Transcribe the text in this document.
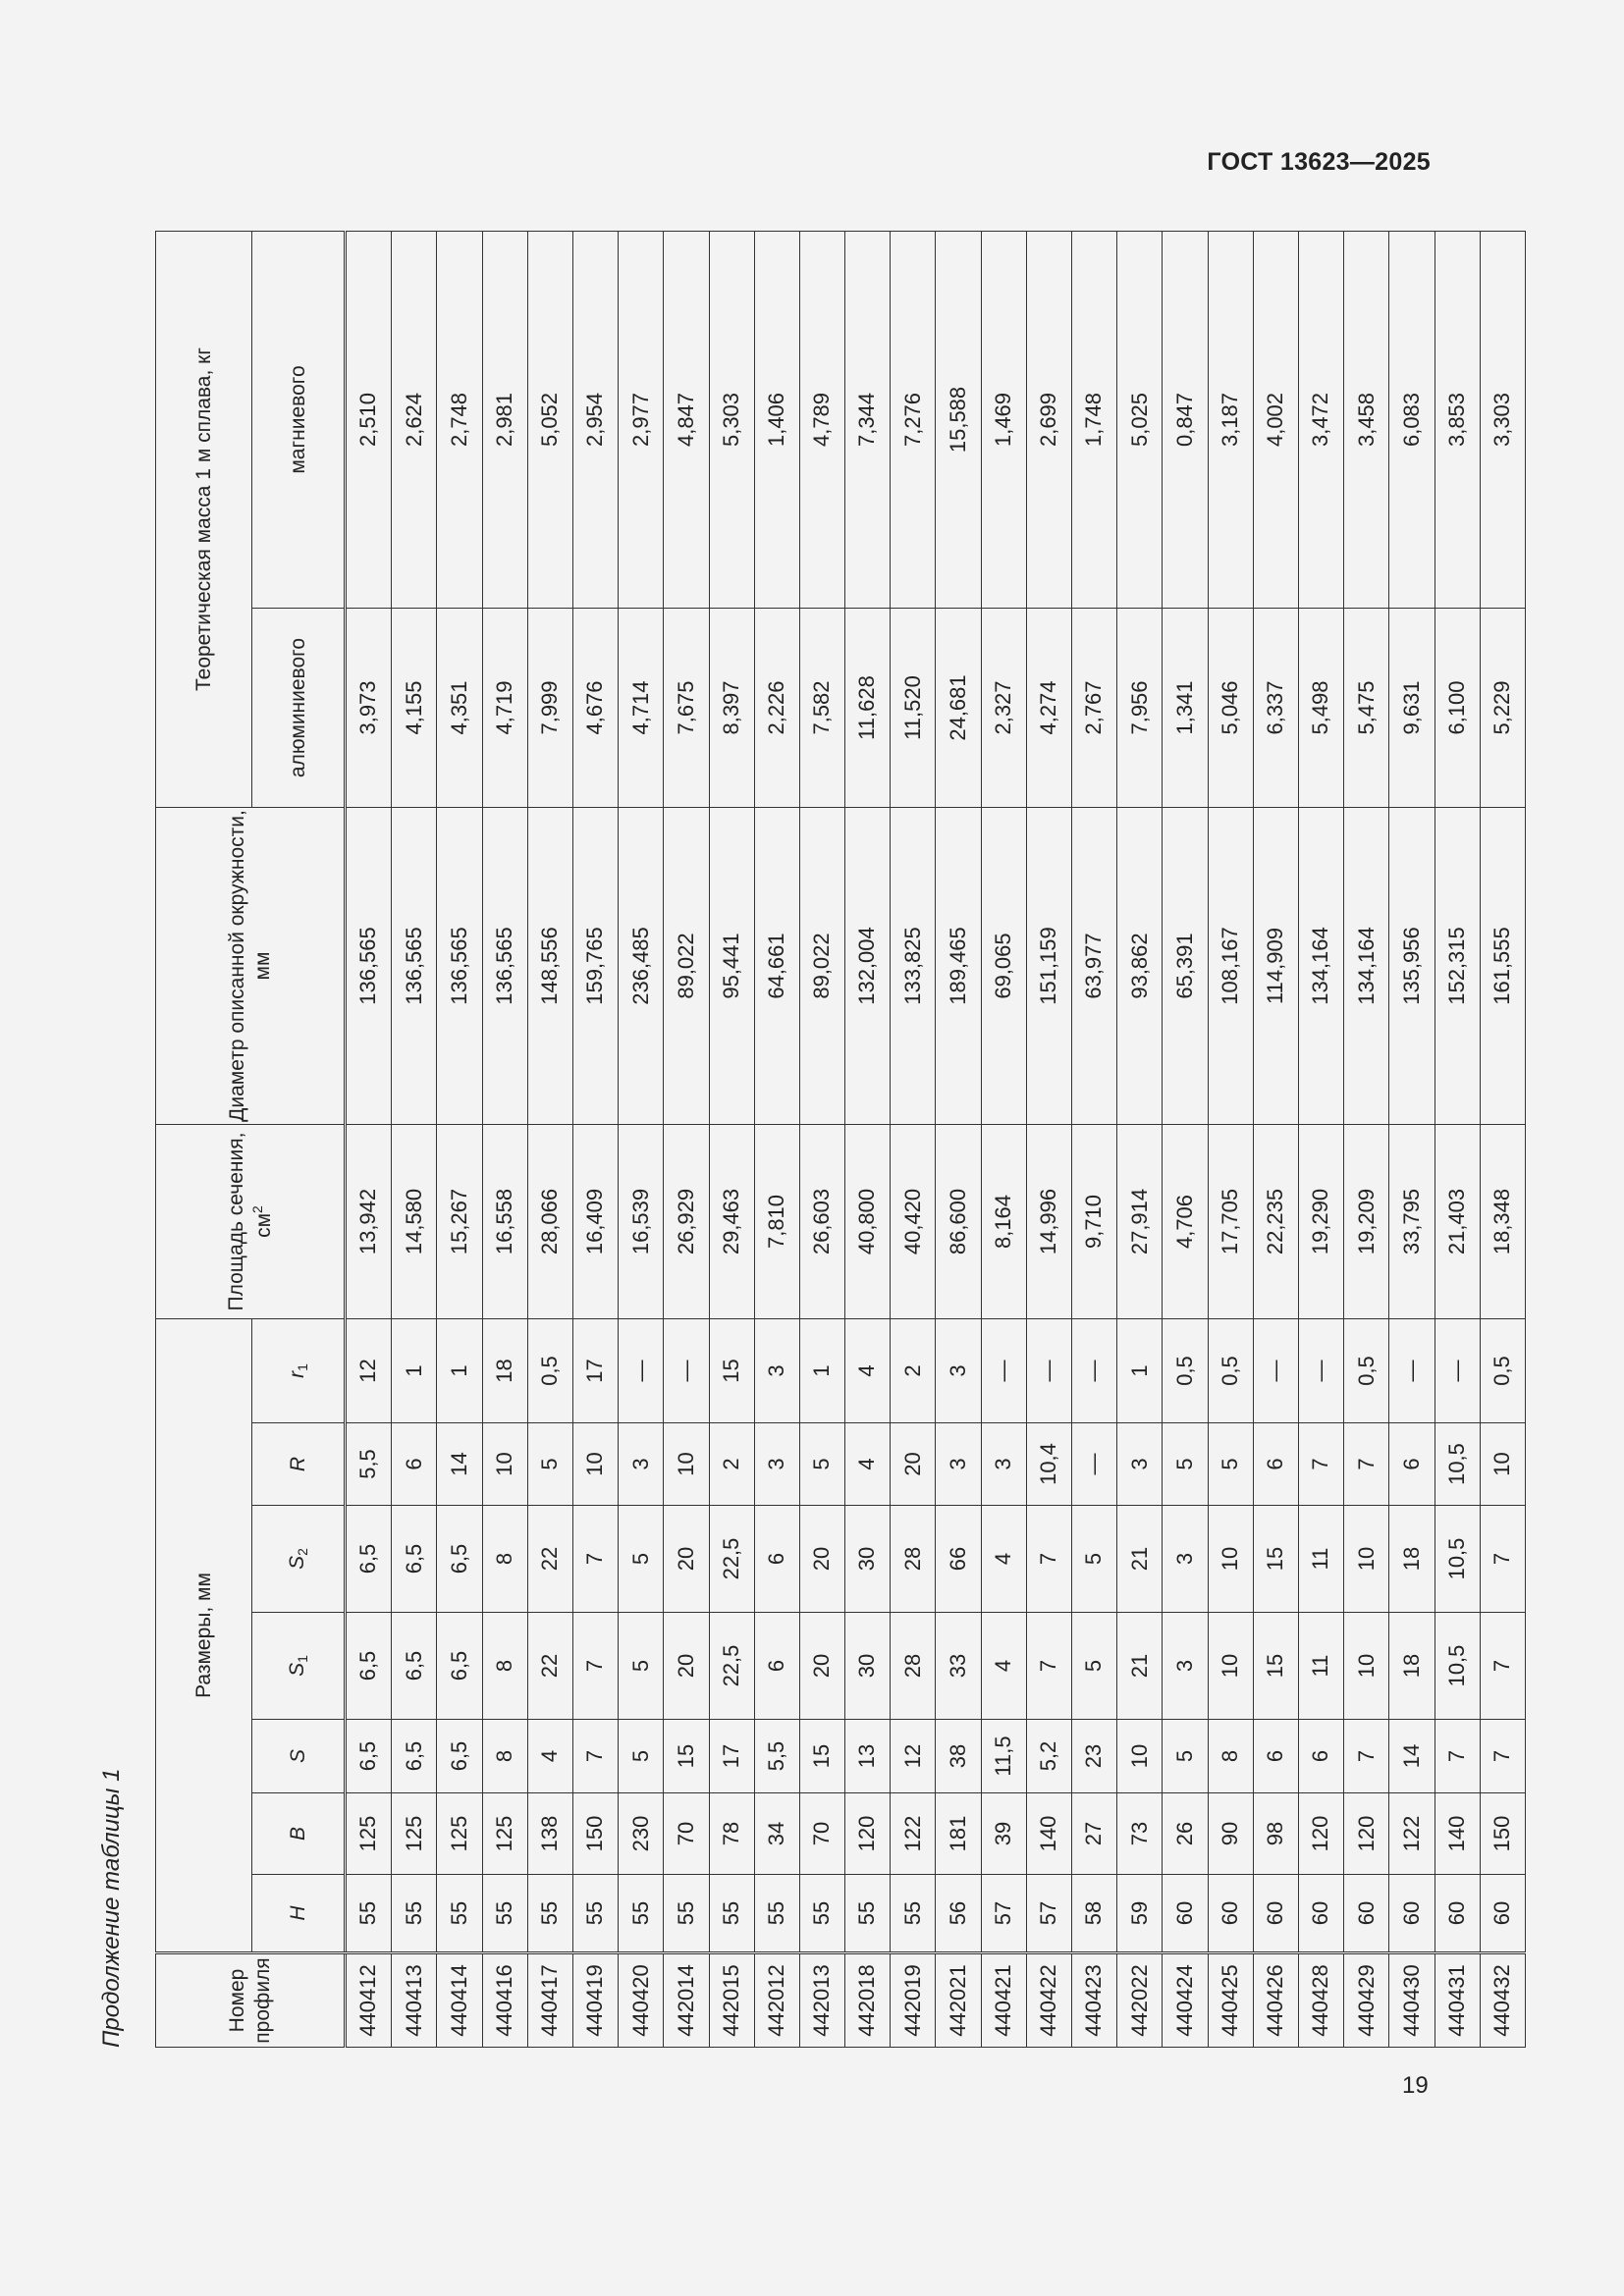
ГОСТ 13623—2025
Продолжение таблицы 1	Номер профиля	Размеры, мм							Площадь сечения, $см^2$	Диаметр описанной окружности, мм	Теоретическая масса 1 м сплава, кг	
	H	B	S	$S_1$	$S_2$	R	$r_1$			алюминиевого	магниевого
440412	55	125	6,5	6,5	6,5	5,5	12	13,942	136,565	3,973	2,510
440413	55	125	6,5	6,5	6,5	6	1	14,580	136,565	4,155	2,624
440414	55	125	6,5	6,5	6,5	14	1	15,267	136,565	4,351	2,748
440416	55	125	8	8	8	10	18	16,558	136,565	4,719	2,981
440417	55	138	4	22	22	5	0,5	28,066	148,556	7,999	5,052
440419	55	150	7	7	7	10	17	16,409	159,765	4,676	2,954
440420	55	230	5	5	5	3	—	16,539	236,485	4,714	2,977
442014	55	70	15	20	20	10	—	26,929	89,022	7,675	4,847
442015	55	78	17	22,5	22,5	2	15	29,463	95,441	8,397	5,303
442012	55	34	5,5	6	6	3	3	7,810	64,661	2,226	1,406
442013	55	70	15	20	20	5	1	26,603	89,022	7,582	4,789
442018	55	120	13	30	30	4	4	40,800	132,004	11,628	7,344
442019	55	122	12	28	28	20	2	40,420	133,825	11,520	7,276
442021	56	181	38	33	66	3	3	86,600	189,465	24,681	15,588
440421	57	39	11,5	4	4	3	—	8,164	69,065	2,327	1,469
440422	57	140	5,2	7	7	10,4	—	14,996	151,159	4,274	2,699
440423	58	27	23	5	5	—	—	9,710	63,977	2,767	1,748
442022	59	73	10	21	21	3	1	27,914	93,862	7,956	5,025
440424	60	26	5	3	3	5	0,5	4,706	65,391	1,341	0,847
440425	60	90	8	10	10	5	0,5	17,705	108,167	5,046	3,187
440426	60	98	6	15	15	6	—	22,235	114,909	6,337	4,002
440428	60	120	6	11	11	7	—	19,290	134,164	5,498	3,472
440429	60	120	7	10	10	7	0,5	19,209	134,164	5,475	3,458
440430	60	122	14	18	18	6	—	33,795	135,956	9,631	6,083
440431	60	140	7	10,5	10,5	10,5	—	21,403	152,315	6,100	3,853
440432	60	150	7	7	7	10	0,5	18,348	161,555	5,229	3,303
19
